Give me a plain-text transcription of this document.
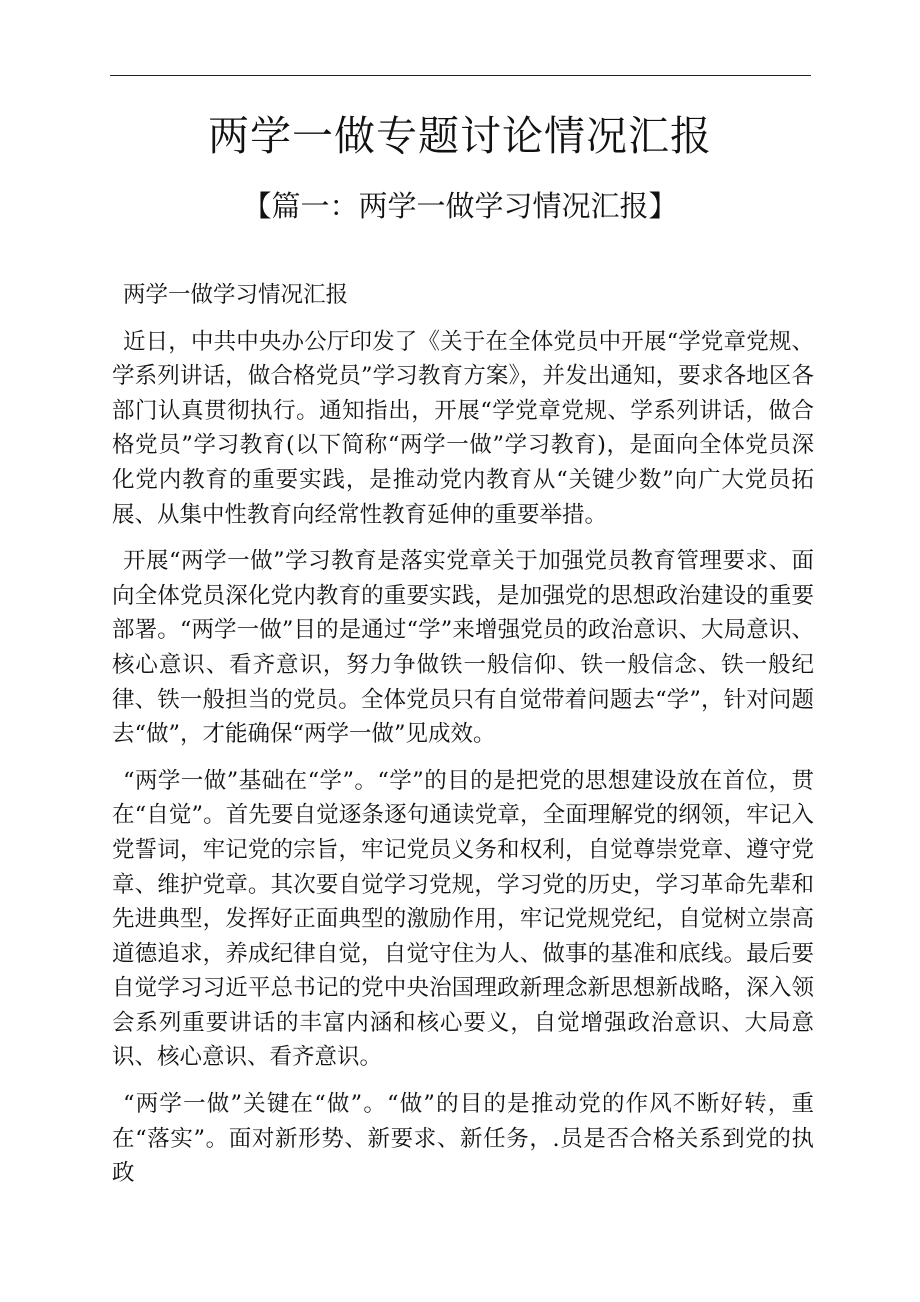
两学一做专题讨论情况汇报
【篇一：两学一做学习情况汇报】

两学一做学习情况汇报

近日，中共中央办公厅印发了《关于在全体党员中开展“学党章党规、学系列讲话，做合格党员”学习教育方案》，并发出通知，要求各地区各部门认真贯彻执行。通知指出，开展“学党章党规、学系列讲话，做合格党员”学习教育(以下简称“两学一做”学习教育)，是面向全体党员深化党内教育的重要实践，是推动党内教育从“关键少数”向广大党员拓展、从集中性教育向经常性教育延伸的重要举措。

开展“两学一做”学习教育是落实党章关于加强党员教育管理要求、面向全体党员深化党内教育的重要实践，是加强党的思想政治建设的重要部署。“两学一做”目的是通过“学”来增强党员的政治意识、大局意识、核心意识、看齐意识，努力争做铁一般信仰、铁一般信念、铁一般纪律、铁一般担当的党员。全体党员只有自觉带着问题去“学”，针对问题去“做”，才能确保“两学一做”见成效。

“两学一做”基础在“学”。“学”的目的是把党的思想建设放在首位，贯在“自觉”。首先要自觉逐条逐句通读党章，全面理解党的纲领，牢记入党誓词，牢记党的宗旨，牢记党员义务和权利，自觉尊崇党章、遵守党章、维护党章。其次要自觉学习党规，学习党的历史，学习革命先辈和先进典型，发挥好正面典型的激励作用，牢记党规党纪，自觉树立崇高道德追求，养成纪律自觉，自觉守住为人、做事的基准和底线。最后要自觉学习习近平总书记的党中央治国理政新理念新思想新战略，深入领会系列重要讲话的丰富内涵和核心要义，自觉增强政治意识、大局意识、核心意识、看齐意识。

“两学一做”关键在“做”。“做”的目的是推动党的作风不断好转，重在“落实”。面对新形势、新要求、新任务，.员是否合格关系到党的执政
